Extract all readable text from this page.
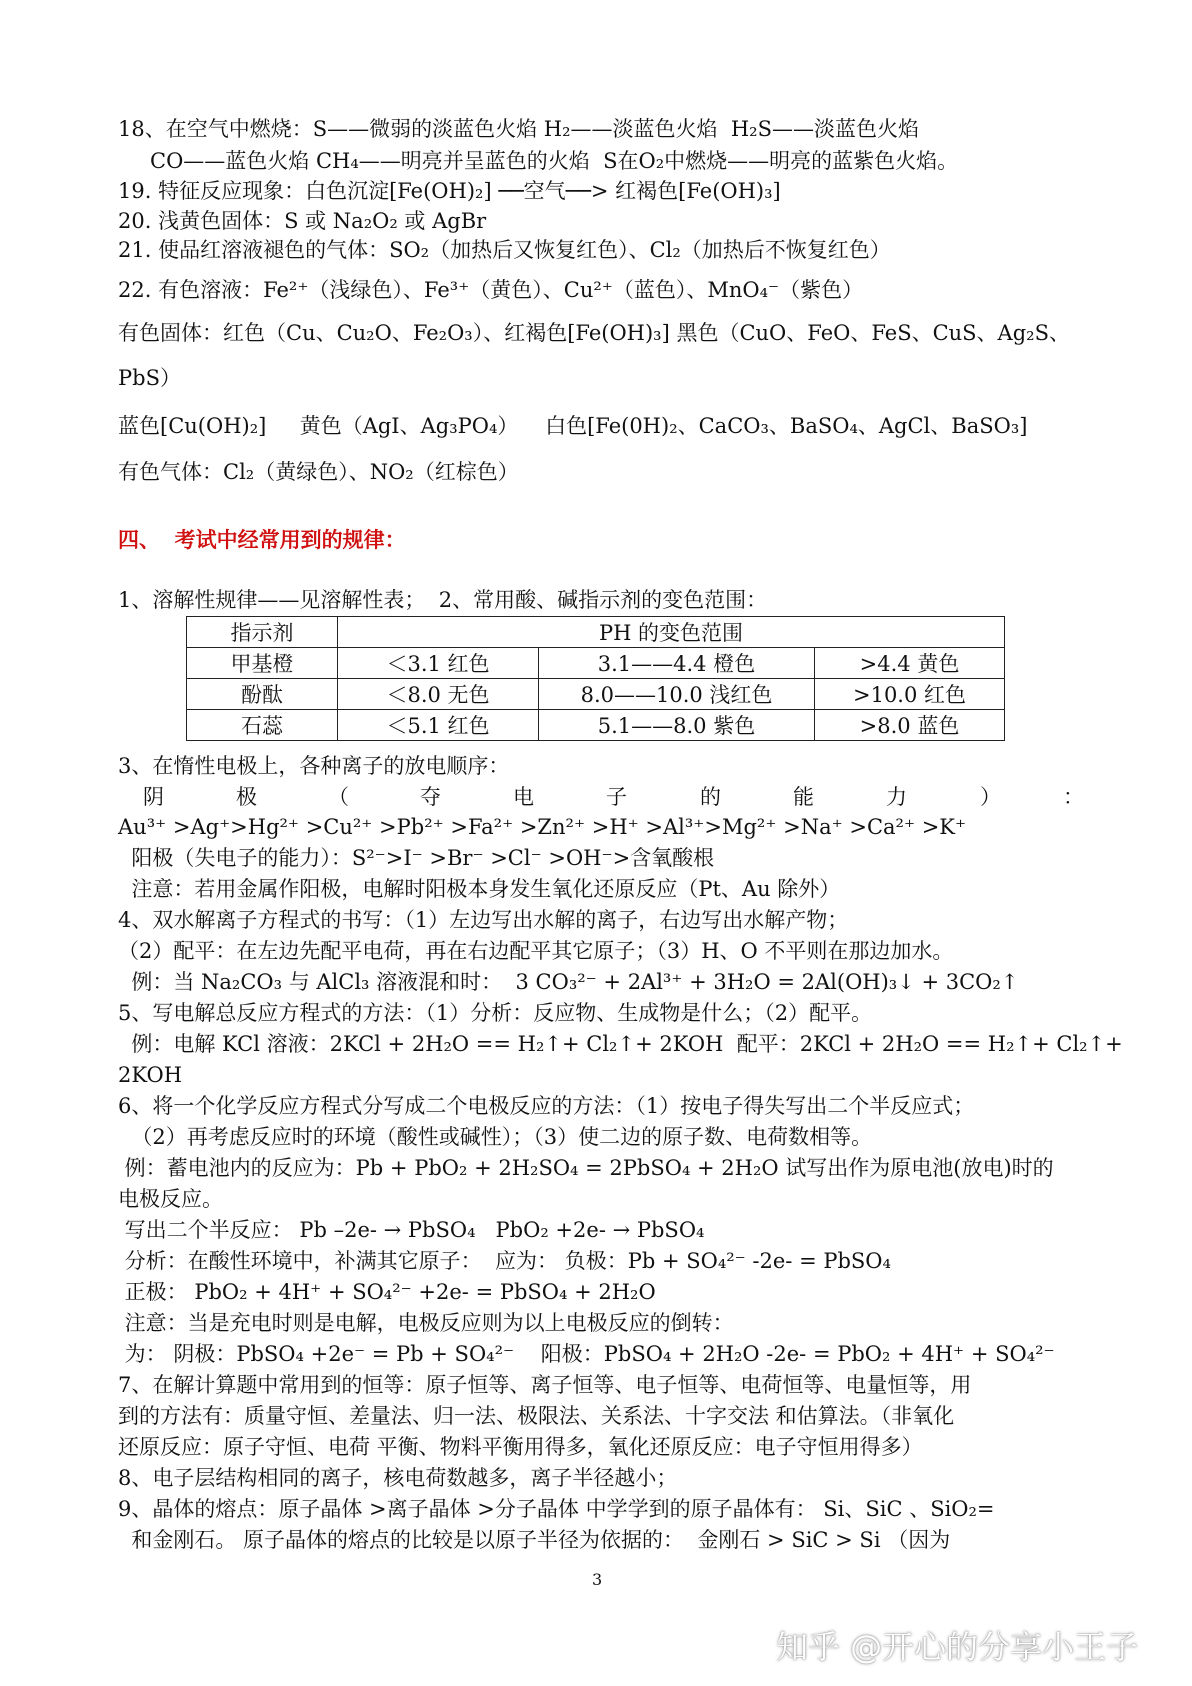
18、在空气中燃烧：S——微弱的淡蓝色火焰 H₂——淡蓝色火焰  H₂S——淡蓝色火焰
CO——蓝色火焰 CH₄——明亮并呈蓝色的火焰  S在O₂中燃烧——明亮的蓝紫色火焰。
19. 特征反应现象：白色沉淀[Fe(OH)₂] ──空气──> 红褐色[Fe(OH)₃]
20. 浅黄色固体：S 或 Na₂O₂ 或 AgBr
21. 使品红溶液褪色的气体：SO₂（加热后又恢复红色）、Cl₂（加热后不恢复红色）
22. 有色溶液：Fe²⁺（浅绿色）、Fe³⁺（黄色）、Cu²⁺（蓝色）、MnO₄⁻（紫色）
有色固体：红色（Cu、Cu₂O、Fe₂O₃）、红褐色[Fe(OH)₃] 黑色（CuO、FeO、FeS、CuS、Ag₂S、
PbS）
蓝色[Cu(OH)₂]     黄色（AgI、Ag₃PO₄）    白色[Fe(0H)₂、CaCO₃、BaSO₄、AgCl、BaSO₃]
有色气体：Cl₂（黄绿色）、NO₂（红棕色）
四、  考试中经常用到的规律：
1、溶解性规律——见溶解性表；  2、常用酸、碱指示剂的变色范围：
指示剂	PH 的变色范围		
甲基橙	＜3.1 红色	3.1——4.4 橙色	>4.4 黄色
酚酞	＜8.0 无色	8.0——10.0 浅红色	>10.0 红色
石蕊	＜5.1 红色	5.1——8.0 紫色	>8.0 蓝色
3、在惰性电极上，各种离子的放电顺序：
阴	极	（	夺	电	子	的	能	力	）	：
Au³⁺ >Ag⁺>Hg²⁺ >Cu²⁺ >Pb²⁺ >Fa²⁺ >Zn²⁺ >H⁺ >Al³⁺>Mg²⁺ >Na⁺ >Ca²⁺ >K⁺
阳极（失电子的能力）：S²⁻>I⁻ >Br⁻ >Cl⁻ >OH⁻>含氧酸根
注意：若用金属作阳极，电解时阳极本身发生氧化还原反应（Pt、Au 除外）
4、双水解离子方程式的书写：（1）左边写出水解的离子，右边写出水解产物；
（2）配平：在左边先配平电荷，再在右边配平其它原子；（3）H、O 不平则在那边加水。
例：当 Na₂CO₃ 与 AlCl₃ 溶液混和时：  3 CO₃²⁻ + 2Al³⁺ + 3H₂O = 2Al(OH)₃↓ + 3CO₂↑
5、写电解总反应方程式的方法：（1）分析：反应物、生成物是什么；（2）配平。
例：电解 KCl 溶液：2KCl + 2H₂O == H₂↑+ Cl₂↑+ 2KOH  配平：2KCl + 2H₂O == H₂↑+ Cl₂↑+
2KOH
6、将一个化学反应方程式分写成二个电极反应的方法：（1）按电子得失写出二个半反应式；
（2）再考虑反应时的环境（酸性或碱性）；（3）使二边的原子数、电荷数相等。
例：蓄电池内的反应为：Pb + PbO₂ + 2H₂SO₄ = 2PbSO₄ + 2H₂O 试写出作为原电池(放电)时的
电极反应。
写出二个半反应： Pb –2e- → PbSO₄   PbO₂ +2e- → PbSO₄
分析：在酸性环境中，补满其它原子：  应为： 负极：Pb + SO₄²⁻ -2e- = PbSO₄
正极： PbO₂ + 4H⁺ + SO₄²⁻ +2e- = PbSO₄ + 2H₂O
注意：当是充电时则是电解，电极反应则为以上电极反应的倒转：
为： 阴极：PbSO₄ +2e⁻ = Pb + SO₄²⁻    阳极：PbSO₄ + 2H₂O -2e- = PbO₂ + 4H⁺ + SO₄²⁻
7、在解计算题中常用到的恒等：原子恒等、离子恒等、电子恒等、电荷恒等、电量恒等，用
到的方法有：质量守恒、差量法、归一法、极限法、关系法、十字交法 和估算法。（非氧化
还原反应：原子守恒、电荷 平衡、物料平衡用得多，氧化还原反应：电子守恒用得多）
8、电子层结构相同的离子，核电荷数越多，离子半径越小；
9、晶体的熔点：原子晶体 >离子晶体 >分子晶体 中学学到的原子晶体有： Si、SiC 、SiO₂=
和金刚石。 原子晶体的熔点的比较是以原子半径为依据的：  金刚石 > SiC > Si （因为
3
知乎 @开心的分享小王子
